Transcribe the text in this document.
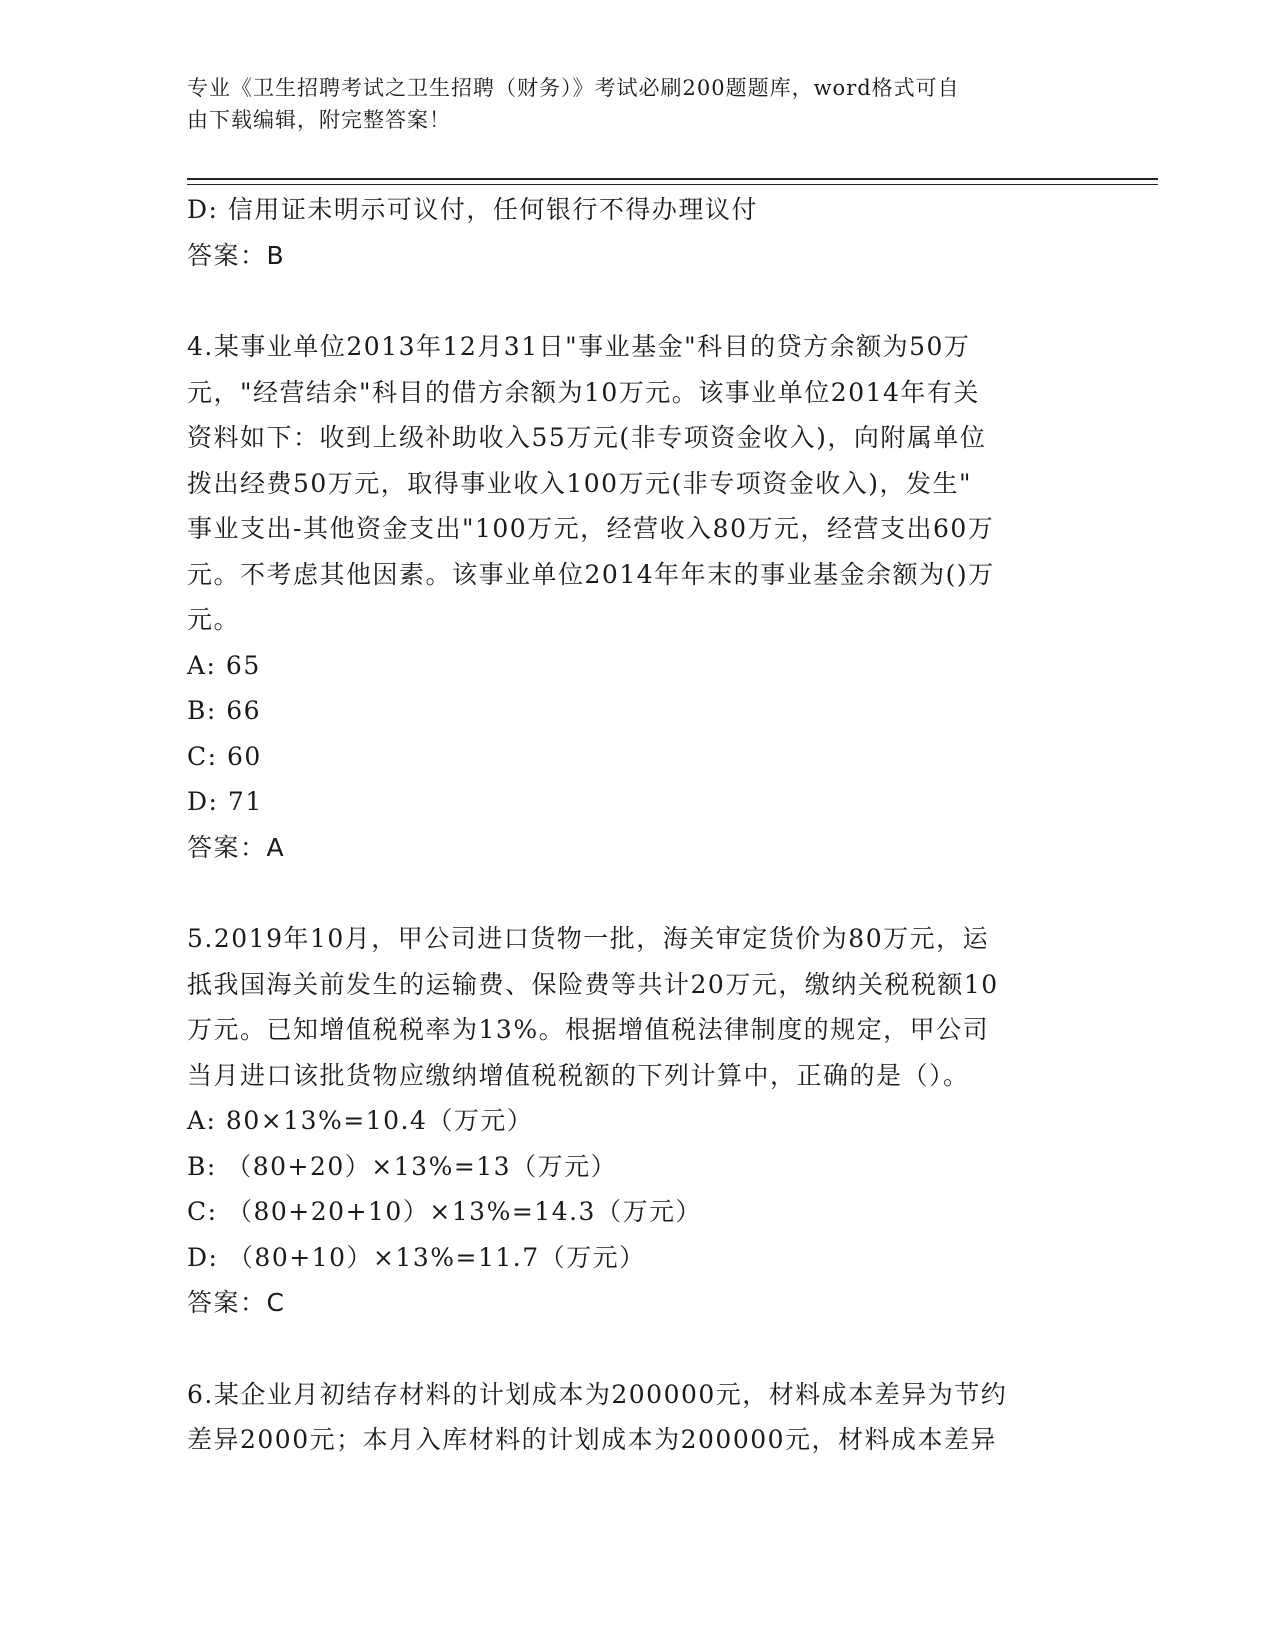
专业《卫生招聘考试之卫生招聘（财务）》考试必刷200题题库，word格式可自
由下载编辑，附完整答案！
D: 信用证未明示可议付，任何银行不得办理议付
答案：B
4.某事业单位2013年12月31日"事业基金"科目的贷方余额为50万
元，"经营结余"科目的借方余额为10万元。该事业单位2014年有关
资料如下：收到上级补助收入55万元(非专项资金收入)，向附属单位
拨出经费50万元，取得事业收入100万元(非专项资金收入)，发生"
事业支出-其他资金支出"100万元，经营收入80万元，经营支出60万
元。不考虑其他因素。该事业单位2014年年末的事业基金余额为()万
元。
A: 65
B: 66
C: 60
D: 71
答案：A
5.2019年10月，甲公司进口货物一批，海关审定货价为80万元，运
抵我国海关前发生的运输费、保险费等共计20万元，缴纳关税税额10
万元。已知增值税税率为13%。根据增值税法律制度的规定，甲公司
当月进口该批货物应缴纳增值税税额的下列计算中，正确的是（）。
A: 80×13%=10.4（万元）
B: （80+20）×13%=13（万元）
C: （80+20+10）×13%=14.3（万元）
D: （80+10）×13%=11.7（万元）
答案：C
6.某企业月初结存材料的计划成本为200000元，材料成本差异为节约
差异2000元；本月入库材料的计划成本为200000元，材料成本差异
